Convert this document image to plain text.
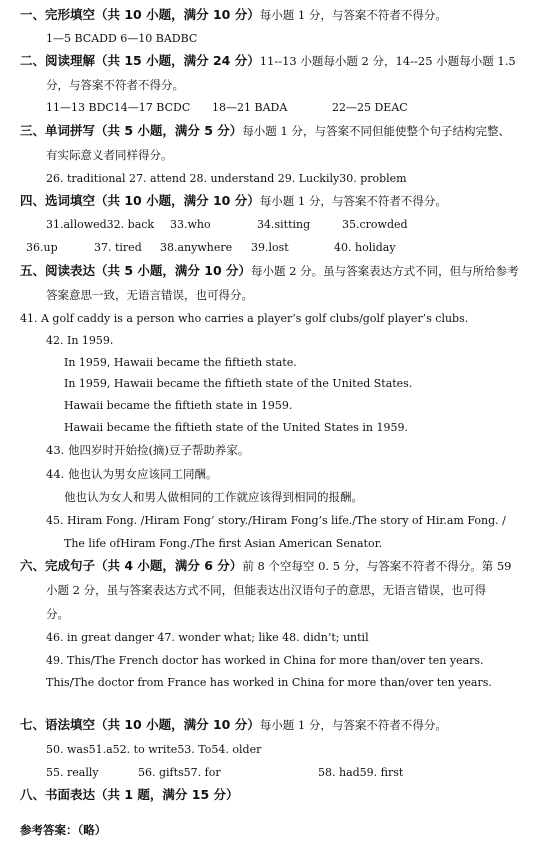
一、完形填空（共 10 小题，满分 10 分）每小题 1 分，与答案不符者不得分。
1—5 BCADD 6—10 BADBC
二、阅读理解（共 15 小题，满分 24 分）11--13 小题每小题 2 分，14--25 小题每小题 1.5
分，与答案不符者不得分。
11—13 BDC14—17 BCDC 18—21 BADA	22—25 DEAC
三、单词拼写（共 5 小题，满分 5 分）每小题 1 分，与答案不同但能使整个句子结构完整、
有实际意义者同样得分。
26. traditional 27. attend 28. understand 29. Luckily30. problem
四、选词填空（共 10 小题，满分 10 分）每小题 1 分，与答案不符者不得分。
31.allowed32. back 33.who	34.sitting	35.crowded
36.up	37. tired 38.anywhere 39.lost	40. holiday
五、阅读表达（共 5 小题，满分 10 分）每小题 2 分。虽与答案表达方式不同，但与所给参考
答案意思一致，无语言错误，也可得分。
41. A golf caddy is a person who carries a player’s golf clubs/golf player’s clubs.
42. In 1959.
In 1959, Hawaii became the fiftieth state.
In 1959, Hawaii became the fiftieth state of the United States.
Hawaii became the fiftieth state in 1959.
Hawaii became the fiftieth state of the United States in 1959.
43. 他四岁时开始捡(摘)豆子帮助养家。
44. 他也认为男女应该同工同酬。
他也认为女人和男人做相同的工作就应该得到相同的报酬。
45. Hiram Fong. /Hiram Fong’ story./Hiram Fong’s life./The story of Hir.am Fong. /
The life ofHiram Fong./The first Asian American Senator.
六、完成句子（共 4 小题，满分 6 分）前 8 个空每空 0. 5 分，与答案不符者不得分。第 59
小题 2 分，虽与答案表达方式不同，但能表达出汉语句子的意思，无语言错误，也可得
分。
46. in great danger 47. wonder what; like 48. didn’t; until
49. This/The French doctor has worked in China for more than/over ten years.
This/The doctor from France has worked in China for more than/over ten years.
七、语法填空（共 10 小题，满分 10 分）每小题 1 分，与答案不符者不得分。
50. was51.a52. to write53. To54. older
55. really	56. gifts57. for	58. had59. first
八、书面表达（共 1 题，满分 15 分）
参考答案：（略）
